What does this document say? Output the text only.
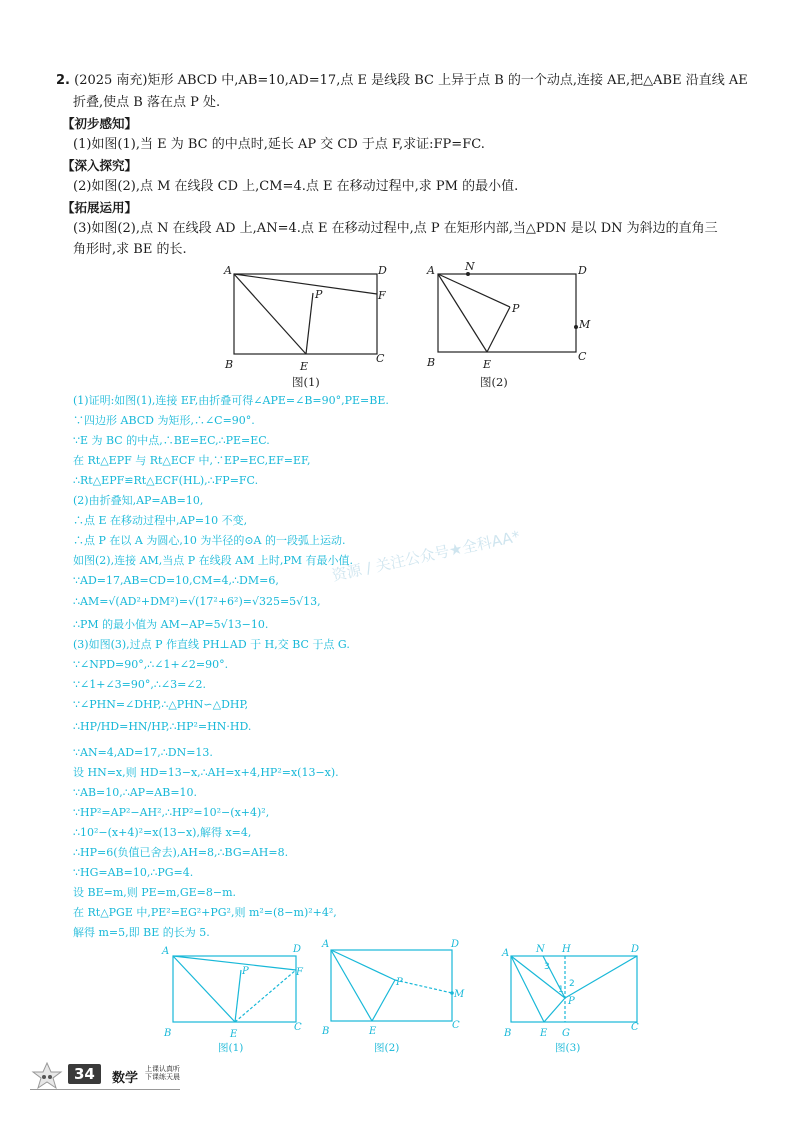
2. (2025 南充)矩形 ABCD 中,AB=10,AD=17,点 E 是线段 BC 上异于点 B 的一个动点,连接 AE,把△ABE 沿直线 AE
折叠,使点 B 落在点 P 处.
【初步感知】
(1)如图(1),当 E 为 BC 的中点时,延长 AP 交 CD 于点 F,求证:FP=FC.
【深入探究】
(2)如图(2),点 M 在线段 CD 上,CM=4.点 E 在移动过程中,求 PM 的最小值.
【拓展运用】
(3)如图(2),点 N 在线段 AD 上,AN=4.点 E 在移动过程中,点 P 在矩形内部,当△PDN 是以 DN 为斜边的直角三
角形时,求 BE 的长.
A	D
B	C
E
F
P
图(1)
A	N	D
B	C
E
P
M
图(2)
(1)证明:如图(1),连接 EF,由折叠可得∠APE=∠B=90°,PE=BE.
∵四边形 ABCD 为矩形,∴∠C=90°.
∵E 为 BC 的中点,∴BE=EC,∴PE=EC.
在 Rt△EPF 与 Rt△ECF 中,∵EP=EC,EF=EF,
∴Rt△EPF≌Rt△ECF(HL),∴FP=FC.
(2)由折叠知,AP=AB=10,
∴点 E 在移动过程中,AP=10 不变,
∴点 P 在以 A 为圆心,10 为半径的⊙A 的一段弧上运动.
如图(2),连接 AM,当点 P 在线段 AM 上时,PM 有最小值.
∵AD=17,AB=CD=10,CM=4,∴DM=6,
∴AM=√(AD²+DM²)=√(17²+6²)=√325=5√13,
∴PM 的最小值为 AM−AP=5√13−10.
(3)如图(3),过点 P 作直线 PH⊥AD 于 H,交 BC 于点 G.
∵∠NPD=90°,∴∠1+∠2=90°.
∵∠1+∠3=90°,∴∠3=∠2.
∵∠PHN=∠DHP,∴△PHN∽△DHP,
∴HP/HD=HN/HP,∴HP²=HN·HD.
∵AN=4,AD=17,∴DN=13.
设 HN=x,则 HD=13−x,∴AH=x+4,HP²=x(13−x).
∵AB=10,∴AP=AB=10.
∵HP²=AP²−AH²,∴HP²=10²−(x+4)²,
∴10²−(x+4)²=x(13−x),解得 x=4,
∴HP=6(负值已舍去),AH=8,∴BG=AH=8.
∵HG=AB=10,∴PG=4.
设 BE=m,则 PE=m,GE=8−m.
在 Rt△PGE 中,PE²=EG²+PG²,则 m²=(8−m)²+4²,
解得 m=5,即 BE 的长为 5.
资源 / 关注公众号★全科AA*
A	D
B
C
E
F
P
图(1)
A	D
B
C
E
P
M
图(2)
A	N H	D
B	E G
C
P
3
1
2
图(3)
34	数学
上课认真听
下课练天晨
